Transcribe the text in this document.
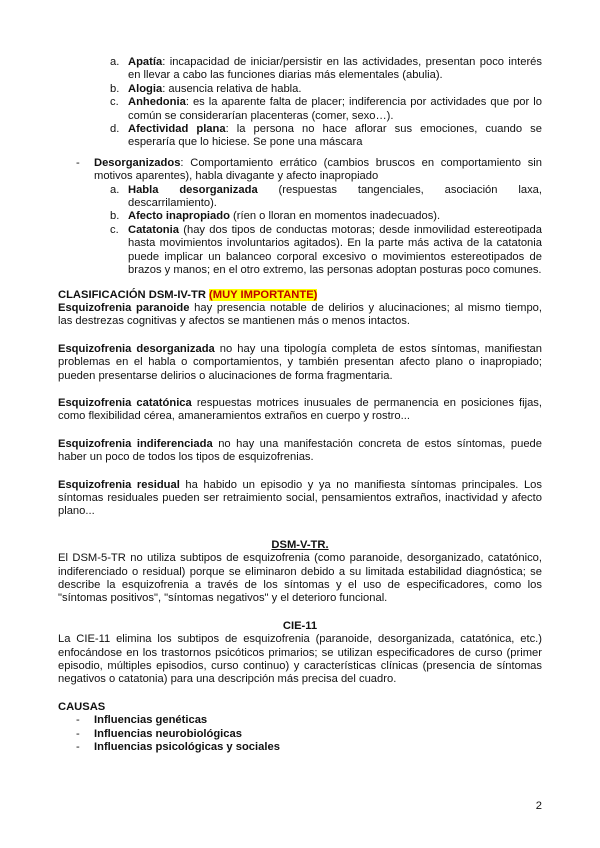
a. Apatía: incapacidad de iniciar/persistir en las actividades, presentan poco interés en llevar a cabo las funciones diarias más elementales (abulia).
b. Alogia: ausencia relativa de habla.
c. Anhedonia: es la aparente falta de placer; indiferencia por actividades que por lo común se considerarían placenteras (comer, sexo…).
d. Afectividad plana: la persona no hace aflorar sus emociones, cuando se esperaría que lo hiciese. Se pone una máscara
- Desorganizados: Comportamiento errático (cambios bruscos en comportamiento sin motivos aparentes), habla divagante y afecto inapropiado
a. Habla desorganizada (respuestas tangenciales, asociación laxa, descarrilamiento).
b. Afecto inapropiado (ríen o lloran en momentos inadecuados).
c. Catatonia (hay dos tipos de conductas motoras; desde inmovilidad estereotipada hasta movimientos involuntarios agitados). En la parte más activa de la catatonia puede implicar un balanceo corporal excesivo o movimientos estereotipados de brazos y manos; en el otro extremo, las personas adoptan posturas poco comunes.
CLASIFICACIÓN DSM-IV-TR (MUY IMPORTANTE)
Esquizofrenia paranoide hay presencia notable de delirios y alucinaciones; al mismo tiempo, las destrezas cognitivas y afectos se mantienen más o menos intactos.
Esquizofrenia desorganizada no hay una tipología completa de estos síntomas, manifiestan problemas en el habla o comportamientos, y también presentan afecto plano o inapropiado; pueden presentarse delirios o alucinaciones de forma fragmentaria.
Esquizofrenia catatónica respuestas motrices inusuales de permanencia en posiciones fijas, como flexibilidad cérea, amaneramientos extraños en cuerpo y rostro...
Esquizofrenia indiferenciada no hay una manifestación concreta de estos síntomas, puede haber un poco de todos los tipos de esquizofrenias.
Esquizofrenia residual ha habido un episodio y ya no manifiesta síntomas principales. Los síntomas residuales pueden ser retraimiento social, pensamientos extraños, inactividad y afecto plano...
DSM-V-TR.
El DSM-5-TR no utiliza subtipos de esquizofrenia (como paranoide, desorganizado, catatónico, indiferenciado o residual) porque se eliminaron debido a su limitada estabilidad diagnóstica; se describe la esquizofrenia a través de los síntomas y el uso de especificadores, como los "síntomas positivos", "síntomas negativos" y el deterioro funcional.
CIE-11
La CIE-11 elimina los subtipos de esquizofrenia (paranoide, desorganizada, catatónica, etc.) enfocándose en los trastornos psicóticos primarios; se utilizan especificadores de curso (primer episodio, múltiples episodios, curso continuo) y características clínicas (presencia de síntomas negativos o catatonia) para una descripción más precisa del cuadro.
CAUSAS
- Influencias genéticas
- Influencias neurobiológicas
- Influencias psicológicas y sociales
2
